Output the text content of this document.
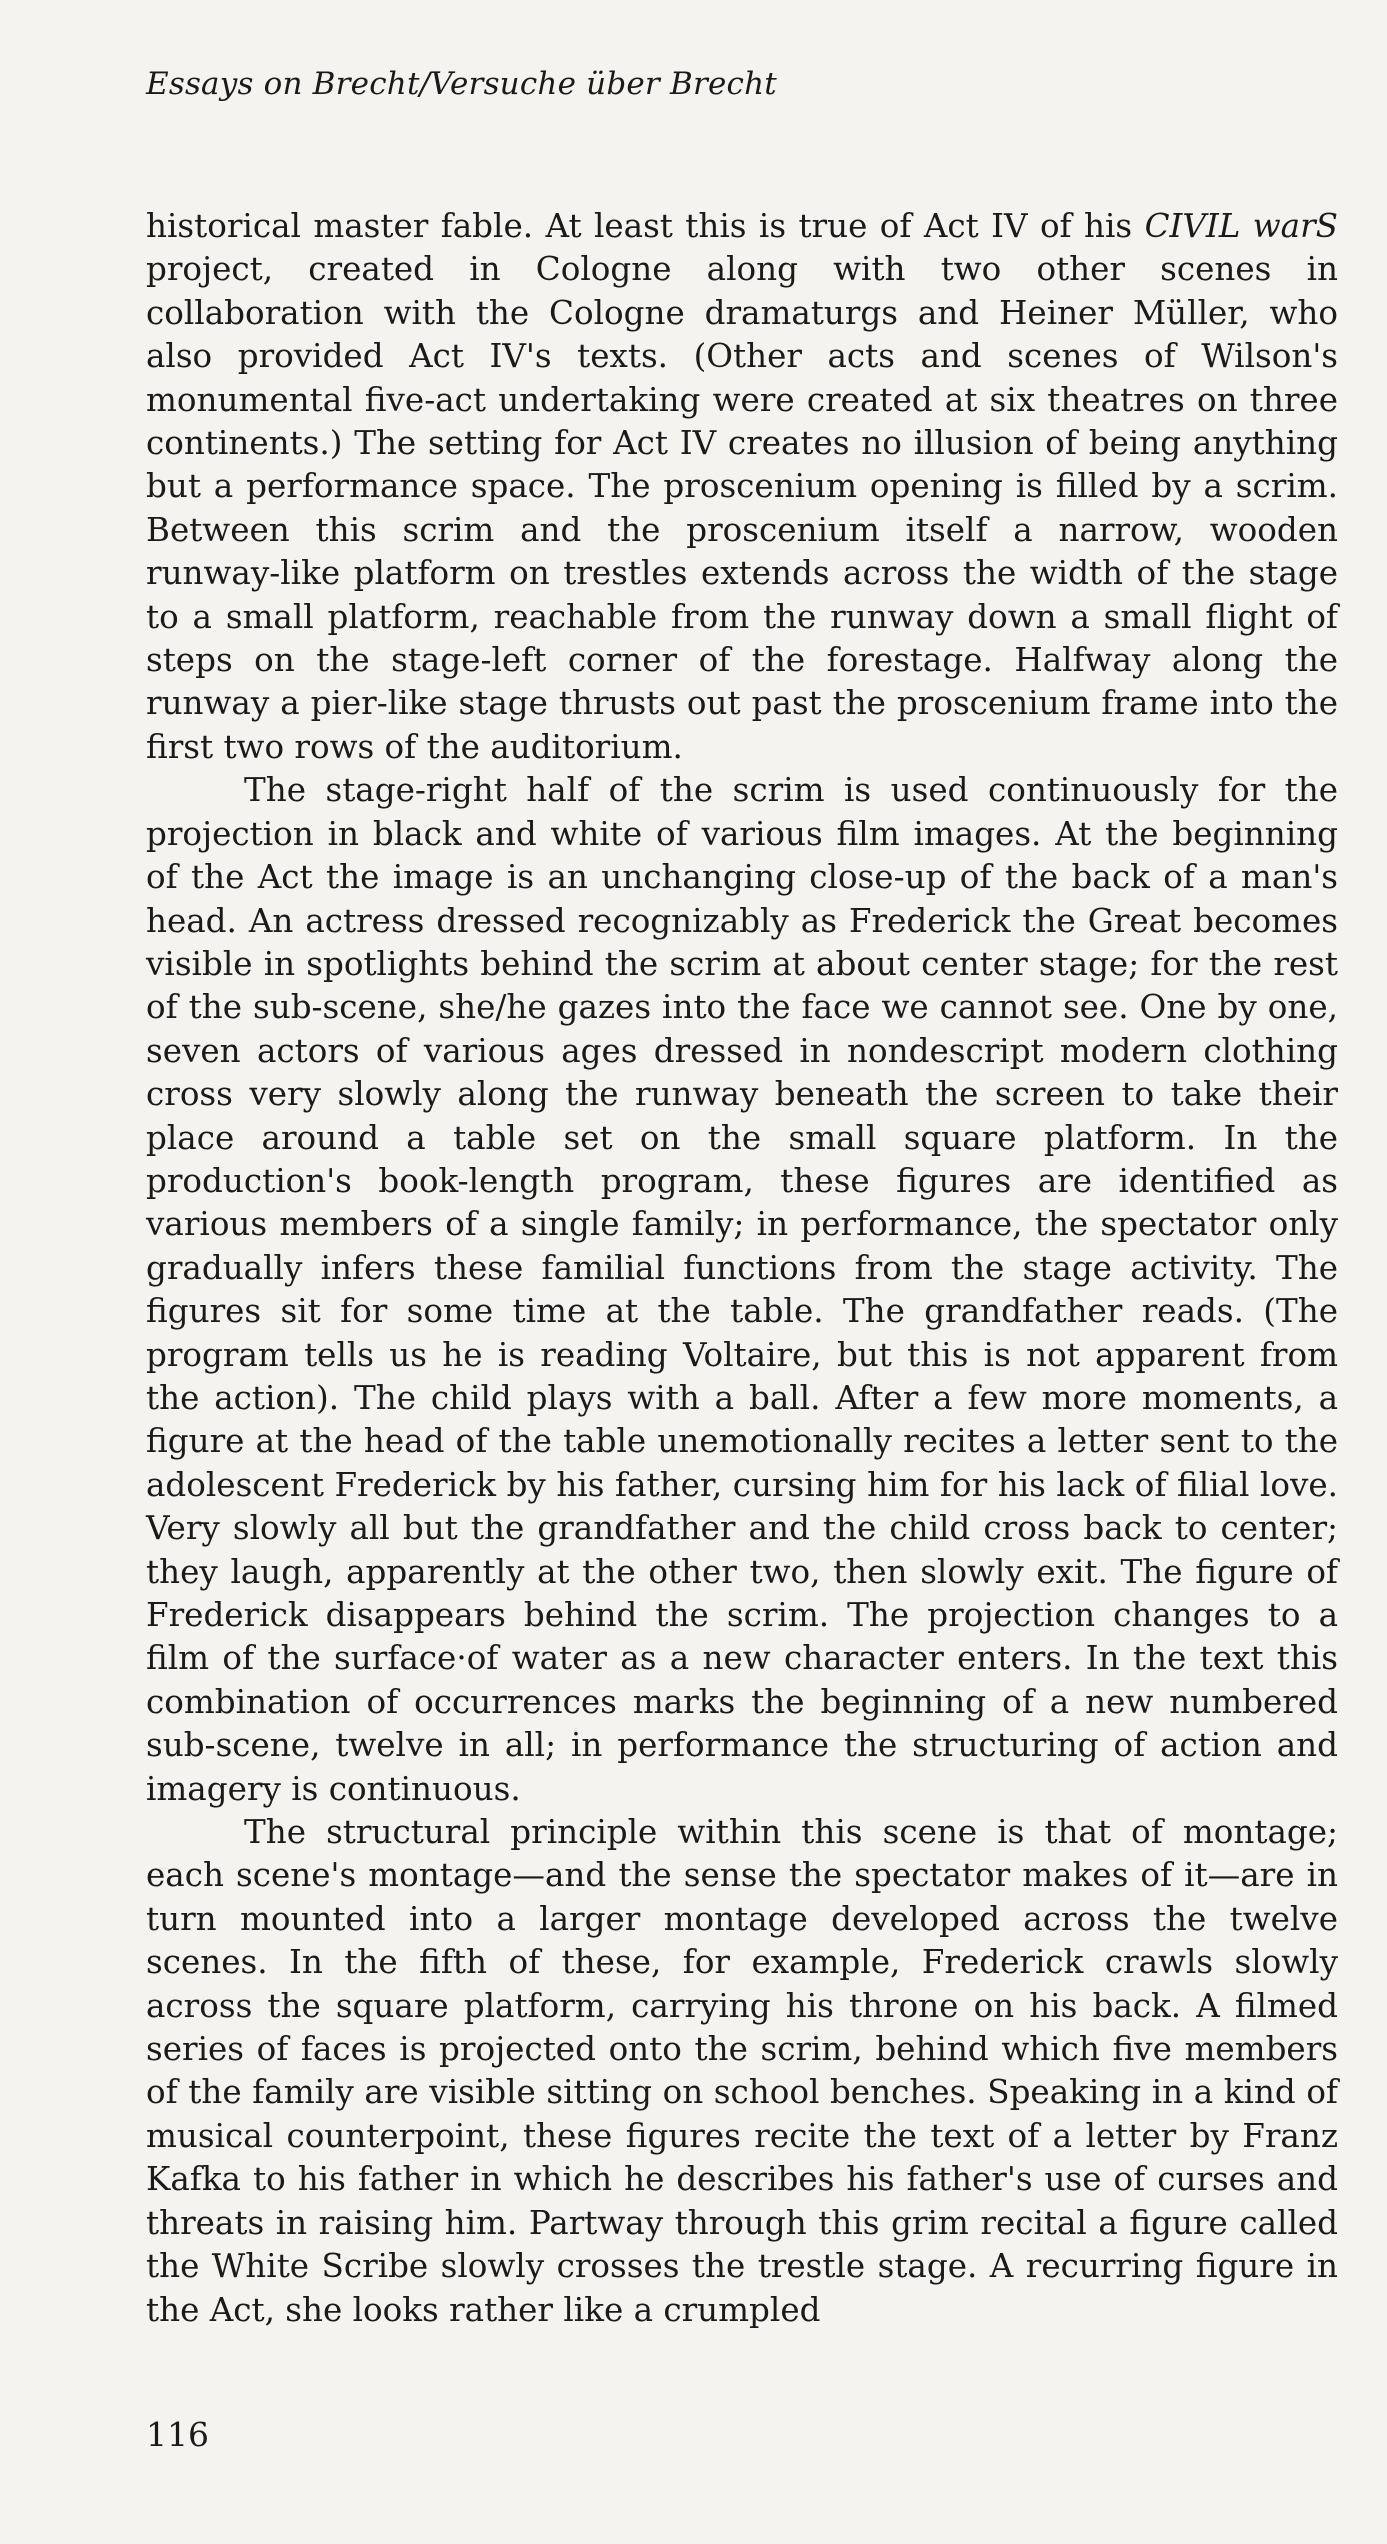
Essays on Brecht/Versuche über Brecht

historical master fable. At least this is true of Act IV of his CIVIL warS project, created in Cologne along with two other scenes in collaboration with the Cologne dramaturgs and Heiner Müller, who also provided Act IV's texts. (Other acts and scenes of Wilson's monumental five-act undertaking were created at six theatres on three continents.) The setting for Act IV creates no illusion of being anything but a performance space. The proscenium opening is filled by a scrim. Between this scrim and the proscenium itself a narrow, wooden runway-like platform on trestles extends across the width of the stage to a small platform, reachable from the runway down a small flight of steps on the stage-left corner of the forestage. Halfway along the runway a pier-like stage thrusts out past the proscenium frame into the first two rows of the auditorium.

The stage-right half of the scrim is used continuously for the projection in black and white of various film images. At the beginning of the Act the image is an unchanging close-up of the back of a man's head. An actress dressed recognizably as Frederick the Great becomes visible in spotlights behind the scrim at about center stage; for the rest of the sub-scene, she/he gazes into the face we cannot see. One by one, seven actors of various ages dressed in nondescript modern clothing cross very slowly along the runway beneath the screen to take their place around a table set on the small square platform. In the production's book-length program, these figures are identified as various members of a single family; in performance, the spectator only gradually infers these familial functions from the stage activity. The figures sit for some time at the table. The grandfather reads. (The program tells us he is reading Voltaire, but this is not apparent from the action). The child plays with a ball. After a few more moments, a figure at the head of the table unemotionally recites a letter sent to the adolescent Frederick by his father, cursing him for his lack of filial love. Very slowly all but the grandfather and the child cross back to center; they laugh, apparently at the other two, then slowly exit. The figure of Frederick disappears behind the scrim. The projection changes to a film of the surface·of water as a new character enters. In the text this combination of occurrences marks the beginning of a new numbered sub-scene, twelve in all; in performance the structuring of action and imagery is continuous.

The structural principle within this scene is that of montage; each scene's montage—and the sense the spectator makes of it—are in turn mounted into a larger montage developed across the twelve scenes. In the fifth of these, for example, Frederick crawls slowly across the square platform, carrying his throne on his back. A filmed series of faces is projected onto the scrim, behind which five members of the family are visible sitting on school benches. Speaking in a kind of musical counterpoint, these figures recite the text of a letter by Franz Kafka to his father in which he describes his father's use of curses and threats in raising him. Partway through this grim recital a figure called the White Scribe slowly crosses the trestle stage. A recurring figure in the Act, she looks rather like a crumpled

116
